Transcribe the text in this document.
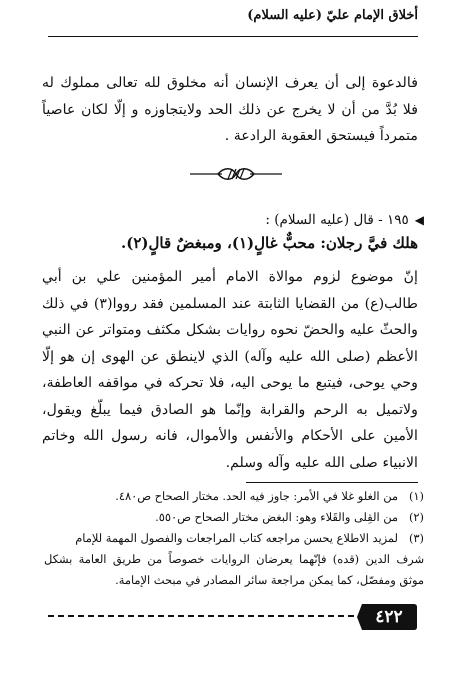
أخلاق الإمام عليّ (عليه السلام)
فالدعوة إلى أن يعرف الإنسان أنه مخلوق لله تعالى مملوك له فلا بُدَّ من أن لا يخرج عن ذلك الحد ولايتجاوزه و إلّا لكان عاصياً متمرداً فيستحق العقوبة الرادعة .
◀١٩٥ - قال (عليه السلام) :
هلك فيَّ رجلان: محبٌّ غالٍ(١)، ومبغضٌ قالٍ(٢).
إنّ موضوع لزوم موالاة الامام أمير المؤمنين علي بن أبي طالب(ع) من القضايا الثابتة عند المسلمين فقد رووا(٣) في ذلك والحثّ عليه والحضّ نحوه روايات بشكل مكثف ومتواتر عن النبي الأعظم (صلى الله عليه وآله) الذي لاينطق عن الهوى إن هو إلّا وحي يوحى، فيتبع ما يوحى اليه، فلا تحركه في مواقفه العاطفة، ولاتميل به الرحم والقرابة وإنّما هو الصادق فيما يبلّغ ويقول، الأمين على الأحكام والأنفس والأموال، فانه رسول الله وخاتم الانبياء صلى الله عليه وآله وسلم.
(١)
من الغلو غلا في الأمر: جاوز فيه الحد. مختار الصحاح ص٤٨٠.
(٢)
من القِلى والقَلاء وهو: البغض مختار الصحاح ص٥٥٠.
(٣)
لمزيد الاطلاع يحسن مراجعه كتاب المراجعات والفصول المهمة للإمام
شرف الدين (قده) فإنّهما يعرضان الروايات خصوصاً من طريق العامة بشكل موثق ومفصّل، كما يمكن مراجعة سائر المصادر في مبحث الإمامة.
٤٢٢
